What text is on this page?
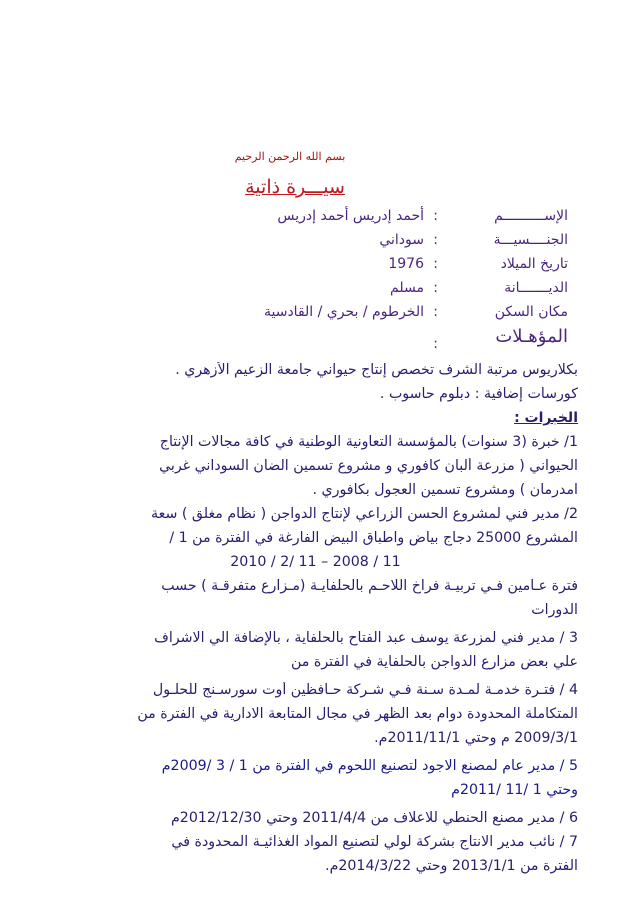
بسم الله الرحمن الرحيم
سيـــرة ذاتية
الإســــــــــم
:
أحمد إدريس أحمد إدريس
الجنــــسيـــة
:
سوداني
تاريخ الميلاد
:
1976
الديـــــــانة
:
مسلم
مكان السكن
:
الخرطوم / بحري / القادسية
المؤهـلات
:
بكلاريوس مرتبة الشرف تخصص إنتاج حيواني جامعة الزعيم الأزهري .
كورسات إضافية : دبلوم حاسوب .
الخبرات :
1/ خبرة (3 سنوات) بالمؤسسة التعاونية الوطنية في كافة مجالات الإنتاج
الحيواني ( مزرعة ألبان كافوري و مشروع تسمين الضأن السوداني غربي
امدرمان ) ومشروع تسمين العجول بكافوري .
2/ مدير فني لمشروع الحسن الزراعي لإنتاج الدواجن ( نظام مغلق ) سعة
المشروع 25000 دجاج بياض واطباق البيض الفارغة في الفترة من 1 /
11 / 2008 – 11 /2 / 2010
فترة عـامين فـي تربيـة فراخ اللاحـم بالحلفايـة (مـزارع متفرقـة ) حسب
الدورات
3 / مدير فني لمزرعة يوسف عبد الفتاح بالحلفاية ، بالإضافة الي الاشراف
علي بعض مزارع الدواجن بالحلفاية في الفترة من
4 / فتـرة خدمـة لمـدة سـنة فـي شـركة حـافظين أوت سورسـنج للحلـول
المتكاملة المحدودة دوام بعد الظهر في مجال المتابعة الادارية في الفترة من
2009/3/1 م وحتي 2011/11/1م.
5 / مدير عام لمصنع الاجود لتصنيع اللحوم في الفترة من 1 / 3 /2009م
وحتي 1 /11 /2011م
6 / مدير مصنع الحنطي للاعلاف من 2011/4/4 وحتي 2012/12/30م
7 / نائب مدير الانتاج بشركة لولي لتصنيع المواد الغذائيـة المحدودة في
الفترة من 2013/1/1 وحتي 2014/3/22م.
